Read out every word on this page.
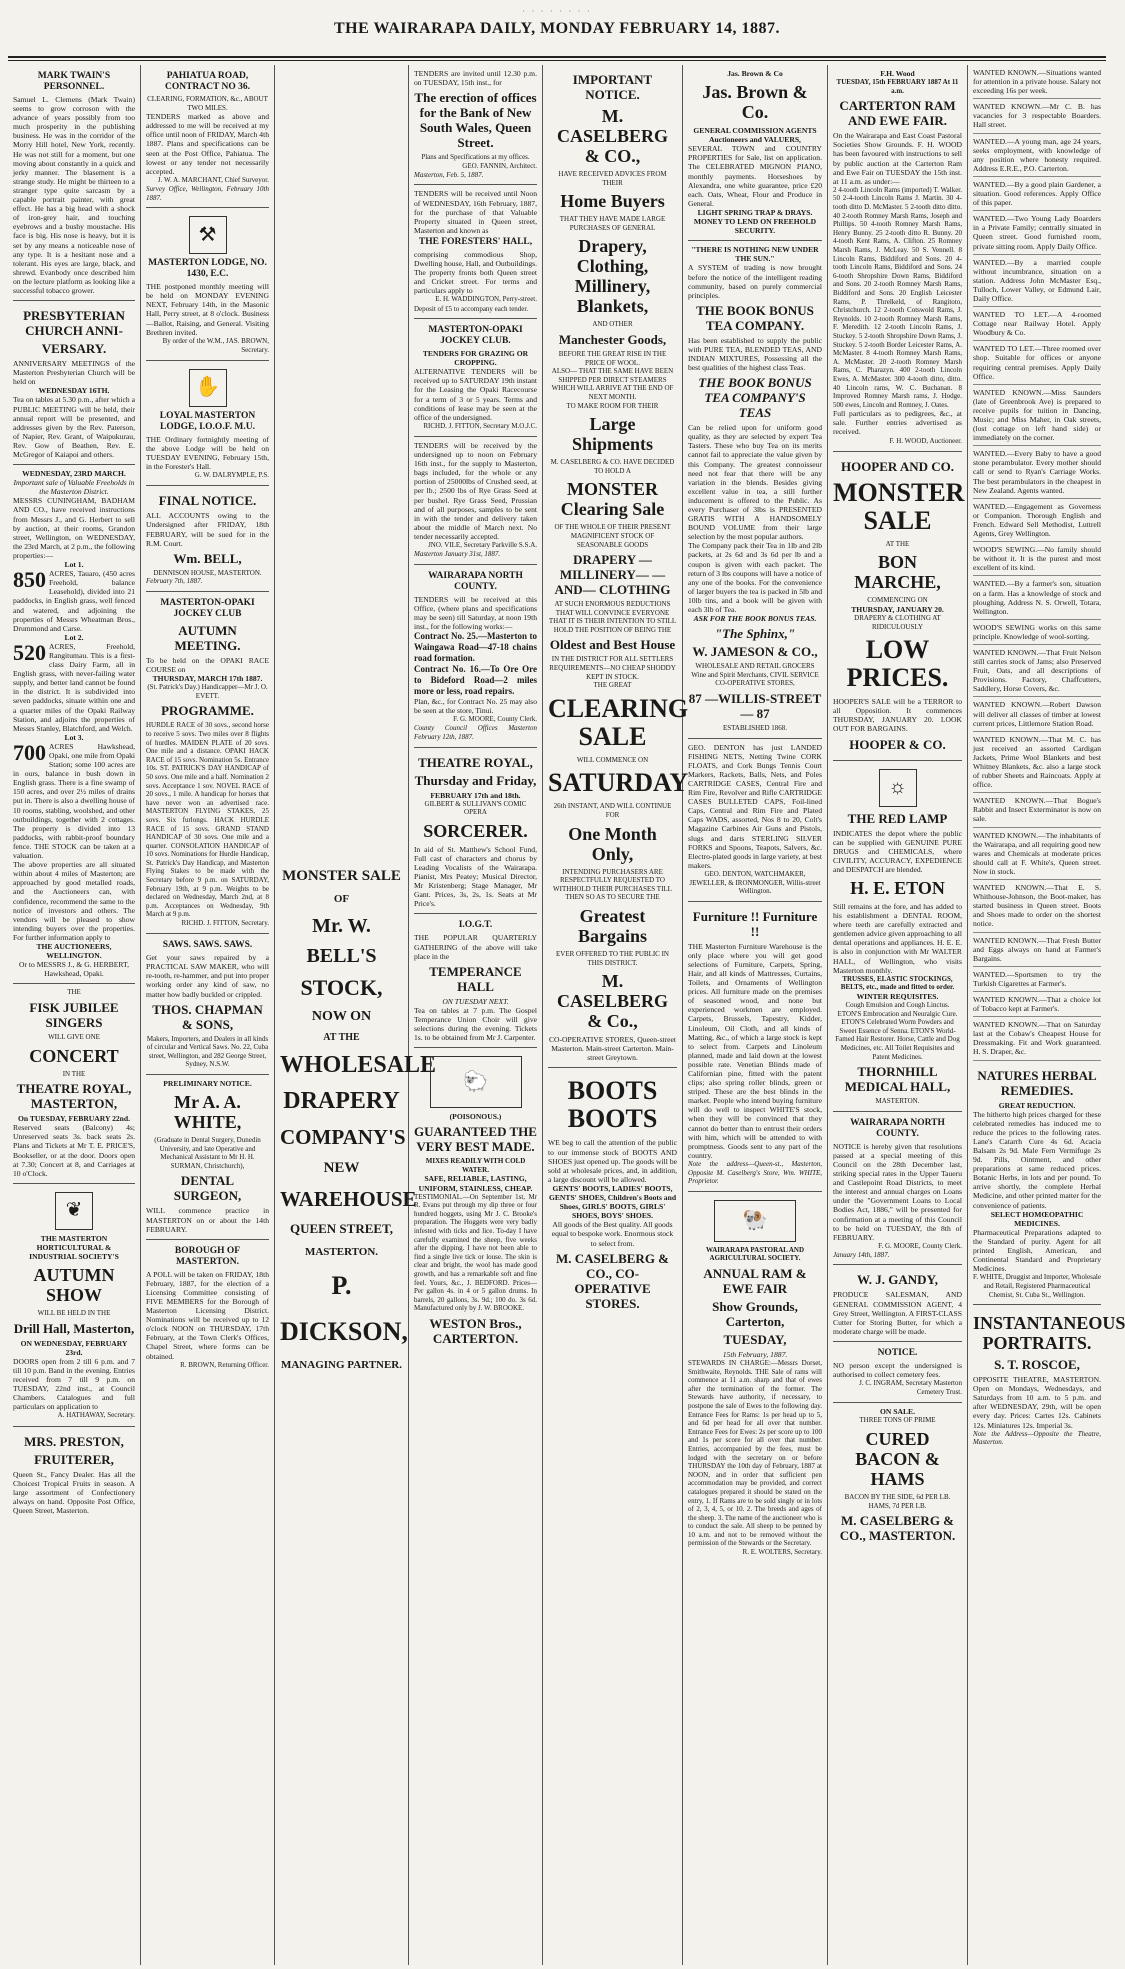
· · · · · · · ·
THE WAIRARAPA DAILY, MONDAY FEBRUARY 14, 1887.
MARK TWAIN'S PERSONNEL.
Samuel L. Clemens (Mark Twain) seems to grow corroson with the advance of years possibly from too much prosperity in the publishing business. He was in the corridor of the Morry Hill hotel, New York, recently. He was not still for a moment, but one moving about constantly in a quick and jerky manner. The blasement is a strange study. He might be thirteen to a stranger type quite sarcasm by a capable portrait painter, with great effect. He has a big head with a shock of iron-grey hair, and touching eyebrows and a bushy moustache. His face is big. His nose is heavy, but it is set by any means a noticeable nose of any type. It is a hesitant nose and a tolerant. His eyes are large, black, and shrewd. Evanbody once described him on the lecture platform as looking like a successful tobacco grower.
PRESBYTERIAN CHURCH ANNI-
VERSARY.
ANNIVERSARY MEETINGS of the Masterton Presbyterian Church will be held on
WEDNESDAY 16TH.
Tea on tables at 5.30 p.m., after which a PUBLIC MEETING will be held, their annual report will be presented, and addresses given by the Rev. Paterson, of Napier, Rev. Grant, of Waipukurau, Rev. Gow of Beathen, Rev. E. McGregor of Kaiapoi and others.
WEDNESDAY, 23RD MARCH.
Important sale of Valuable Freeholds in the Masterton District.
MESSRS CUNINGHAM, BADHAM AND CO., have received instructions from Messrs J., and G. Herbert to sell by auction, at their rooms, Grandon street, Wellington, on WEDNESDAY, the 23rd March, at 2 p.m., the following properties:—
Lot 1.
850 ACRES, Tauaro, (450 acres Freehold, balance Leasehold), divided into 21 paddocks, in English grass, well fenced and watered, and adjoining the properties of Messrs Wheatman Bros., Drummond and Carse.
Lot 2.
520 ACRES, Freehold, Rangitumau. This is a first-class Dairy Farm, all in English grass, with never-failing water supply, and better land cannot be found in the district. It is subdivided into seven paddocks, situate within one and a quarter miles of the Opaki Railway Station, and adjoins the properties of Messrs Stanley, Blatchford, and Welch.
Lot 3.
700 ACRES Hawkshead, Opaki, one mile from Opaki Station; some 100 acres are in ours, balance in bush down in English grass. There is a fine swamp of 150 acres, and over 2½ miles of drains put in. There is also a dwelling house of 10 rooms, stabling, woolshed, and other outbuildings, together with 2 cottages. The property is divided into 13 paddocks, with rabbit-proof boundary fence. THE STOCK can be taken at a valuation.
The above properties are all situated within about 4 miles of Masterton; are approached by good metalled roads, and the Auctioneers can, with confidence, recommend the same to the notice of investors and others. The vendors will be pleased to show intending buyers over the properties. For further information apply to
THE AUCTIONEERS, WELLINGTON.
Or to MESSRS J., & G. HERBERT, Hawkshead, Opaki.
THE
FISK JUBILEE SINGERS
WILL GIVE ONE
CONCERT
IN THE
THEATRE ROYAL, MASTERTON,
On TUESDAY, FEBRUARY 22nd.
Reserved seats (Balcony) 4s; Unreserved seats 3s. back seats 2s. Plans and Tickets at Mr T. E. PRICE'S, Bookseller, or at the door. Doors open at 7.30; Concert at 8, and Carriages at 10 o'Clock.
❦
THE MASTERTON HORTICULTURAL & INDUSTRIAL SOCIETY'S
AUTUMN SHOW
WILL BE HELD IN THE
Drill Hall, Masterton,
ON WEDNESDAY, FEBRUARY 23rd.
DOORS open from 2 till 6 p.m. and 7 till 10 p.m. Band in the evening. Entries received from 7 till 9 p.m. on TUESDAY, 22nd inst., at Council Chambers. Catalogues and full particulars on application to
A. HATHAWAY, Secretary.
MRS. PRESTON,
FRUITERER,
Queen St., Fancy Dealer. Has all the Choicest Tropical Fruits in season. A large assortment of Confectionery always on hand. Opposite Post Office, Queen Street, Masterton.
PAHIATUA ROAD, CONTRACT NO 36.
CLEARING, FORMATION, &c., ABOUT TWO MILES.
TENDERS marked as above and addressed to me will be received at my office until noon of FRIDAY, March 4th 1887. Plans and specifications can be seen at the Post Office, Pahiatua. The lowest or any tender not necessarily accepted.
J. W. A. MARCHANT, Chief Surveyor.
Survey Office, Wellington, February 10th 1887.
⚒
MASTERTON LODGE, NO. 1430, E.C.
THE postponed monthly meeting will be held on MONDAY EVENING NEXT, February 14th, in the Masonic Hall, Perry street, at 8 o'clock. Business—Ballot, Raising, and General. Visiting Brethren invited.
By order of the W.M., JAS. BROWN, Secretary.
✋
LOYAL MASTERTON LODGE, I.O.O.F. M.U.
THE Ordinary fortnightly meeting of the above Lodge will be held on TUESDAY EVENING, February 15th, in the Forester's Hall.
G. W. DALRYMPLE, P.S.
FINAL NOTICE.
ALL ACCOUNTS owing to the Undersigned after FRIDAY, 18th FEBRUARY, will be sued for in the R.M. Court.
Wm. BELL,
DENNISON HOUSE, MASTERTON.
February 7th, 1887.
MASTERTON-OPAKI JOCKEY CLUB
AUTUMN MEETING.
To be held on the OPAKI RACE COURSE on
THURSDAY, MARCH 17th 1887.
(St. Patrick's Day.) Handicapper—Mr J. O. EVETT.
PROGRAMME.
HURDLE RACE of 30 sovs., second horse to receive 5 sovs. Two miles over 8 flights of hurdles. MAIDEN PLATE of 20 sovs. One mile and a distance. OPAKI HACK RACE of 15 sovs. Nomination 5s. Entrance 10s. ST. PATRICK'S DAY HANDICAP of 50 sovs. One mile and a half. Nomination 2 sovs. Acceptance 1 sov. NOVEL RACE of 20 sovs., 1 mile. A handicap for horses that have never won an advertised race. MASTERTON FLYING STAKES, 25 sovs. Six furlongs. HACK HURDLE RACE of 15 sovs. GRAND STAND HANDICAP of 30 sovs. One mile and a quarter. CONSOLATION HANDICAP of 10 sovs. Nominations for Hurdle Handicap, St. Patrick's Day Handicap, and Masterton Flying Stakes to be made with the Secretary before 9 p.m. on SATURDAY, February 19th, at 9 p.m. Weights to be declared on Wednesday, March 2nd, at 8 p.m. Acceptances on Wednesday, 9th March at 9 p.m.
RICHD. J. FITTON, Secretary.
SAWS. SAWS. SAWS.
Get your saws repaired by a PRACTICAL SAW MAKER, who will re-tooth, re-hammer, and put into proper working order any kind of saw, no matter how badly buckled or crippled.
THOS. CHAPMAN & SONS,
Makers, Importers, and Dealers in all kinds of circular and Vertical Saws. No. 22, Cuba street, Wellington, and 282 George Street, Sydney, N.S.W.
PRELIMINARY NOTICE.
Mr A. A. WHITE,
(Graduate in Dental Surgery, Dunedin University, and late Operative and Mechanical Assistant to Mr H. H. SURMAN, Christchurch),
DENTAL SURGEON,
WILL commence practice in MASTERTON on or about the 14th FEBRUARY.
BOROUGH OF MASTERTON.
A POLL will be taken on FRIDAY, 18th February, 1887, for the election of a Licensing Committee consisting of FIVE MEMBERS for the Borough of Masterton Licensing District. Nominations will be received up to 12 o'clock NOON on THURSDAY, 17th February, at the Town Clerk's Offices, Chapel Street, where forms can be obtained.
R. BROWN, Returning Officer.
MONSTER SALE
OF
Mr. W. BELL'S
STOCK,
NOW ON
AT THE
WHOLESALE
DRAPERY
COMPANY'S
NEW
WAREHOUSE
QUEEN STREET,
MASTERTON.
P. DICKSON,
MANAGING PARTNER.
TENDERS are invited until 12.30 p.m. on TUESDAY, 15th inst., for
The erection of offices for the Bank of New South Wales, Queen Street.
Plans and Specifications at my offices.
GEO. FANNIN, Architect.
Masterton, Feb. 5, 1887.
TENDERS will be received until Noon of WEDNESDAY, 16th February, 1887, for the purchase of that Valuable Property situated in Queen street, Masterton and known as
THE FORESTERS' HALL,
comprising commodious Shop, Dwelling house, Hall, and Outbuildings. The property fronts both Queen street and Cricket street. For terms and particulars apply to
E. H. WADDINGTON, Perry-street.
Deposit of £5 to accompany each tender.
MASTERTON-OPAKI JOCKEY CLUB.
TENDERS FOR GRAZING OR CROPPING.
ALTERNATIVE TENDERS will be received up to SATURDAY 19th instant for the Leasing the Opaki Racecourse for a term of 3 or 5 years. Terms and conditions of lease may be seen at the office of the undersigned.
RICHD. J. FITTON, Secretary M.O.J.C.
TENDERS will be received by the undersigned up to noon on February 16th inst., for the supply to Masterton, bags included, for the whole or any portion of 25000lbs of Crushed seed, at per lb.; 2500 lbs of Rye Grass Seed at per bushel. Rye Grass Seed, Prussian and of all purposes, samples to be sent in with the tender and delivery taken about the middle of March next. No tender necessarily accepted.
JNO. VILE, Secretary Parkville S.S.A.
Masterton January 31st, 1887.
WAIRARAPA NORTH COUNTY.
TENDERS will be received at this Office, (where plans and specifications may be seen) till Saturday, at noon 19th inst., for the following works:—
Contract No. 25.—Masterton to Waingawa Road—47-18 chains road formation.
Contract No. 16.—To Ore Ore to Bideford Road—2 miles more or less, road repairs.
Plan, &c., for Contract No. 25 may also be seen at the store, Tinui.
F. G. MOORE, County Clerk.
County Council Offices Masterton February 12th, 1887.
THEATRE ROYAL,
Thursday and Friday,
FEBRUARY 17th and 18th.
GILBERT & SULLIVAN'S COMIC OPERA
SORCERER.
In aid of St. Matthew's School Fund, Full cast of characters and chorus by Leading Vocalists of the Wairarapa. Pianist, Mrs Peatey; Musical Director, Mr Kristenberg; Stage Manager, Mr Gant. Prices, 3s, 2s, 1s. Seats at Mr Price's.
I.O.G.T.
THE POPULAR QUARTERLY GATHERING of the above will take place in the
TEMPERANCE HALL
ON TUESDAY NEXT.
Tea on tables at 7 p.m. The Gospel Temperance Union Choir will give selections during the evening. Tickets 1s. to be obtained from Mr J. Carpenter.
🐑
(POISONOUS.)
GUARANTEED THE VERY BEST MADE.
MIXES READILY WITH COLD WATER.
SAFE, RELIABLE, LASTING, UNIFORM, STAINLESS, CHEAP.
TESTIMONIAL.—On September 1st, Mr R. Evans put through my dip three or four hundred hoggets, using Mr J. C. Brooke's preparation. The Hoggets were very badly infested with ticks and lice. To-day I have carefully examined the sheep, five weeks after the dipping. I have not been able to find a single live tick or louse. The skin is clear and bright, the wool has made good growth, and has a remarkable soft and fine feel. Yours, &c., J. BEDFORD. Prices—Per gallon 4s. in 4 or 5 gallon drums. In barrels, 20 gallons, 3s. 9d.; 100 do. 3s 6d. Manufactured only by J. W. BROOKE.
WESTON Bros., CARTERTON.
IMPORTANT NOTICE.
M. CASELBERG & CO.,
HAVE RECEIVED ADVICES FROM THEIR
Home Buyers
THAT THEY HAVE MADE LARGE PURCHASES OF GENERAL
Drapery, Clothing, Millinery, Blankets,
AND OTHER
Manchester Goods,
BEFORE THE GREAT RISE IN THE PRICE OF WOOL.
ALSO— THAT THE SAME HAVE BEEN SHIPPED PER DIRECT STEAMERS WHICH WILL ARRIVE AT THE END OF NEXT MONTH.
TO MAKE ROOM FOR THEIR
Large Shipments
M. CASELBERG & CO. HAVE DECIDED TO HOLD A
MONSTER Clearing Sale
OF THE WHOLE OF THEIR PRESENT MAGNIFICENT STOCK OF SEASONABLE GOODS
DRAPERY —MILLINERY— —AND— CLOTHING
AT SUCH ENORMOUS REDUCTIONS THAT WILL CONVINCE EVERYONE THAT IT IS THEIR INTENTION TO STILL HOLD THE POSITION OF BEING THE
Oldest and Best House
IN THE DISTRICT FOR ALL SETTLERS REQUIREMENTS—NO CHEAP SHODDY KEPT IN STOCK.
THE GREAT
CLEARING SALE
WILL COMMENCE ON
SATURDAY
26th INSTANT, AND WILL CONTINUE FOR
One Month Only,
INTENDING PURCHASERS ARE RESPECTFULLY REQUESTED TO WITHHOLD THEIR PURCHASES TILL THEN SO AS TO SECURE THE
Greatest Bargains
EVER OFFERED TO THE PUBLIC IN THIS DISTRICT.
M. CASELBERG & Co.,
CO-OPERATIVE STORES, Queen-street Masterton. Main-street Carterton. Main-street Greytown.
BOOTS BOOTS
WE beg to call the attention of the public to our immense stock of BOOTS AND SHOES just opened up. The goods will be sold at wholesale prices, and, in addition, a large discount will be allowed.
GENTS' BOOTS, LADIES' BOOTS, GENTS' SHOES, Children's Boots and Shoes, GIRLS' BOOTS, GIRLS' SHOES, BOYS' SHOES.
All goods of the Best quality. All goods equal to bespoke work. Enormous stock to select from.
M. CASELBERG & CO., CO-OPERATIVE STORES.
Jas. Brown & Co
Jas. Brown & Co.
GENERAL COMMISSION AGENTS Auctioneers and VALUERS,
SEVERAL TOWN and COUNTRY PROPERTIES for Sale, list on application. The CELEBRATED MIGNON PIANO, monthly payments. Horseshoes by Alexandra, one white guarantee, price £20 each. Oats, Wheat, Flour and Produce in General.
LIGHT SPRING TRAP & DRAYS.
MONEY TO LEND ON FREEHOLD SECURITY.
"THERE IS NOTHING NEW UNDER THE SUN."
A SYSTEM of trading is now brought before the notice of the intelligent reading community, based on purely commercial principles.
THE BOOK BONUS TEA COMPANY.
Has been established to supply the public with PURE TEA, BLENDED TEAS, AND INDIAN MIXTURES, Possessing all the best qualities of the highest class Teas.
THE BOOK BONUS TEA COMPANY'S TEAS
Can be relied upon for uniform good quality, as they are selected by expert Tea Tasters. These who buy Tea on its merits cannot fail to appreciate the value given by this Company. The greatest connoisseur need not fear that there will be any variation in the blends. Besides giving excellent value in tea, a still further inducement is offered to the Public. As every Purchaser of 3lbs is PRESENTED GRATIS WITH A HANDSOMELY BOUND VOLUME from their large selection by the most popular authors.
The Company pack their Tea in 1lb and 2lb packets, at 2s 6d and 3s 6d per lb and a coupon is given with each packet. The return of 3 lbs coupons will have a notice of any one of the books. For the convenience of larger buyers the tea is packed in 5lb and 10lb tins, and a book will be given with each 3lb of Tea.
ASK FOR THE BOOK BONUS TEAS.
"The Sphinx,"
W. JAMESON & CO.,
WHOLESALE AND RETAIL GROCERS Wine and Spirit Merchants, CIVIL SERVICE CO-OPERATIVE STORES,
87 —WILLIS-STREET— 87
ESTABLISHED 1868.
GEO. DENTON has just LANDED FISHING NETS, Netting Twine CORK FLOATS, and Cork Bungs Tennis Court Markers, Rackets, Balls, Nets, and Poles CARTRIDGE CASES, Central Fire and Rim Fire, Revolver and Rifle CARTRIDGE CASES BULLETED CAPS, Foil-lined Caps, Central and Rim Fire and Plated Caps WADS, assorted, Nos 8 to 20, Colt's Magazine Carbines Air Guns and Pistols, slugs and darts STERLING SILVER FORKS and Spoons, Teapots, Salvers, &c. Electro-plated goods in large variety, at best makers.
GEO. DENTON, WATCHMAKER, JEWELLER, & IRONMONGER, Willis-street Wellington.
Furniture !! Furniture !!
THE Masterton Furniture Warehouse is the only place where you will get good selections of Furniture, Carpets, Spring, Hair, and all kinds of Mattresses, Curtains, Toilets, and Ornaments of Wellington prices. All furniture made on the premises of seasoned wood, and none but experienced workmen are employed. Carpets, Brussels, Tapestry, Kidder, Linoleum, Oil Cloth, and all kinds of Matting, &c., of which a large stock is kept to select from. Carpets and Linoleum planned, made and laid down at the lowest possible rate. Venetian Blinds made of Californian pine, fitted with the patent clips; also spring roller blinds, green or striped. These are the best blinds in the market. People who intend buying furniture will do well to inspect WHITE'S stock, when they will be convinced that they cannot do better than to entrust their orders with him, which will be attended to with promptness. Goods sent to any part of the country.
Note the address—Queen-st., Masterton, Opposite M. Caselberg's Store, Wm. WHITE, Proprietor.
🐏
WAIRARAPA PASTORAL AND AGRICULTURAL SOCIETY.
ANNUAL RAM & EWE FAIR
Show Grounds, Carterton,
TUESDAY,
15th February, 1887.
STEWARDS IN CHARGE:—Messrs Dorset, Smithwaite, Reynolds. THE Sale of rams will commence at 11 a.m. sharp and that of ewes after the termination of the former. The Stewards have authority, if necessary, to postpone the sale of Ewes to the following day. Entrance Fees for Rams: 1s per head up to 5, and 6d per head for all over that number. Entrance Fees for Ewes: 2s per score up to 100 and 1s per score for all over that number. Entries, accompanied by the fees, must be lodged with the secretary on or before THURSDAY the 10th day of February, 1887 at NOON, and in order that sufficient pen accommodation may be provided, and correct catalogues prepared it should be stated on the entry, 1. If Rams are to be sold singly or in lots of 2, 3, 4, 5, or 10. 2. The breeds and ages of the sheep. 3. The name of the auctioneer who is to conduct the sale. All sheep to be penned by 10 a.m. and not to be removed without the permission of the Stewards or the Secretary.
R. E. WOLTERS, Secretary.
F.H. Wood
TUESDAY, 15th FEBRUARY 1887 At 11 a.m.
CARTERTON RAM AND EWE FAIR.
On the Wairarapa and East Coast Pastoral Societies Show Grounds. F. H. WOOD has been favoured with instructions to sell by public auction at the Carterton Ram and Ewe Fair on TUESDAY the 15th inst. at 11 a.m. as under:—
2 4-tooth Lincoln Rams (imported) T. Walker. 50 2-4-tooth Lincoln Rams J. Martin. 30 4-tooth ditto D. McMaster. 5 2-tooth ditto ditto. 40 2-tooth Romney Marsh Rams, Joseph and Phillips. 50 4-tooth Romney Marsh Rams, Henry Bunny. 25 2-tooth ditto R. Bunny. 20 4-tooth Kent Rams, A. Clifton. 25 Romney Marsh Rams, J. McLeay. 50 S. Vennell. 8 Lincoln Rams, Biddiford and Sons. 20 4-tooth Lincoln Rams, Biddiford and Sons. 24 6-tooth Shropshire Down Rams, Biddiford and Sons. 20 2-tooth Romney Marsh Rams, Biddiford and Sons. 20 English Leicester Rams, P. Threlkeld, of Rangitoto, Christchurch. 12 2-tooth Cotswold Rams, J. Reynolds. 10 2-tooth Romney Marsh Rams, F. Meredith. 12 2-tooth Lincoln Rams, J. Stuckey. 5 2-tooth Shropshire Down Rams, J. Stuckey. 5 2-tooth Border Leicester Rams, A. McMaster. 8 4-tooth Romney Marsh Rams, A. McMaster. 20 2-tooth Romney Marsh Rams, C. Pharazyn. 400 2-tooth Lincoln Ewes, A. McMaster. 300 4-tooth ditto, ditto. 40 Lincoln rams, W. C. Buchanan. 8 Improved Romney Marsh rams, J. Hodge. 500 ewes, Lincoln and Romney, J. Oates.
Full particulars as to pedigrees, &c., at sale. Further entries advertised as received.
F. H. WOOD, Auctioneer.
HOOPER AND CO.
MONSTER SALE
AT THE
BON MARCHE,
COMMENCING ON
THURSDAY, JANUARY 20.
DRAPERY & CLOTHING AT RIDICULOUSLY
LOW PRICES.
HOOPER'S SALE will be a TERROR to all Opposition. It commences THURSDAY, JANUARY 20. LOOK OUT FOR BARGAINS.
HOOPER & CO.
☼
THE RED LAMP
INDICATES the depot where the public can be supplied with GENUINE PURE DRUGS and CHEMICALS, where CIVILITY, ACCURACY, EXPEDIENCE and DESPATCH are blended.
H. E. ETON
Still remains at the fore, and has added to his establishment a DENTAL ROOM, where teeth are carefully extracted and gentlemen advice given approaching to all dental operations and appliances. H. E. E. is also in conjunction with Mr WALTER HALL, of Wellington, who visits Masterton monthly.
TRUSSES, ELASTIC STOCKINGS, BELTS, etc., made and fitted to order.
WINTER REQUISITES.
Cough Emulsion and Cough Linctus. ETON'S Embrocation and Neuralgic Cure. ETON'S Celebrated Worm Powders and Sweet Essence of Senna. ETON'S World-Famed Hair Restorer. Horse, Cattle and Dog Medicines, etc. All Toilet Requisites and Patent Medicines.
THORNHILL MEDICAL HALL,
MASTERTON.
WAIRARAPA NORTH COUNTY.
NOTICE is hereby given that resolutions passed at a special meeting of this Council on the 28th December last, striking special rates in the Upper Taueru and Castlepoint Road Districts, to meet the interest and annual charges on Loans under the "Government Loans to Local Bodies Act, 1886," will be presented for confirmation at a meeting of this Council to be held on TUESDAY, the 8th of FEBRUARY.
F. G. MOORE, County Clerk.
January 14th, 1887.
W. J. GANDY,
PRODUCE SALESMAN, AND GENERAL COMMISSION AGENT, 4 Grey Street, Wellington. A FIRST-CLASS Cutter for Storing Butter, for which a moderate charge will be made.
NOTICE.
NO person except the undersigned is authorised to collect cemetery fees.
J. C. INGRAM, Secretary Masterton Cemetery Trust.
ON SALE.
THREE TONS OF PRIME
CURED BACON & HAMS
BACON BY THE SIDE, 6d PER LB. HAMS, 7d PER LB.
M. CASELBERG & CO., MASTERTON.
WANTED KNOWN.—Situations wanted for attention in a private house. Salary not exceeding 16s per week.
WANTED KNOWN.—Mr C. B. has vacancies for 3 respectable Boarders. Hall street.
WANTED.—A young man, age 24 years, seeks employment, with knowledge of any position where honesty required. Address E.R.E., P.O. Carterton.
WANTED.—By a good plain Gardener, a situation. Good references. Apply Office of this paper.
WANTED.—Two Young Lady Boarders in a Private Family; centrally situated in Queen street. Good furnished room, private sitting room. Apply Daily Office.
WANTED.—By a married couple without incumbrance, situation on a station. Address John McMaster Esq., Tulloch, Lower Valley, or Edmund Lair, Daily Office.
WANTED TO LET.—A 4-roomed Cottage near Railway Hotel. Apply Woodbury & Co.
WANTED TO LET.—Three roomed over shop. Suitable for offices or anyone requiring central premises. Apply Daily Office.
WANTED KNOWN.—Miss Saunders (late of Greenbrook Ave) is prepared to receive pupils for tuition in Dancing, Music; and Miss Maher, in Oak streets, (lost cottage on left hand side) or immediately on the corner.
WANTED.—Every Baby to have a good stone perambulator. Every mother should call or send to Ryan's Carriage Works. The best perambulators in the cheapest in New Zealand. Agents wanted.
WANTED.—Engagement as Governess or Companion. Thorough English and French. Edward Sell Methodist, Luttrell Agents, Grey Wellington.
WOOD'S SEWING.—No family should be without it. It is the purest and most excellent of its kind.
WANTED.—By a farmer's son, situation on a farm. Has a knowledge of stock and ploughing. Address N. S. Orwell, Totara, Wellington.
WOOD'S SEWING works on this same principle. Knowledge of wool-sorting.
WANTED KNOWN.—That Fruit Nelson still carries stock of Jams; also Preserved Fruit, Oats, and all descriptions of Provisions. Factory, Chaffcutters, Saddlery, Horse Covers, &c.
WANTED KNOWN.—Robert Dawson will deliver all classes of timber at lowest current prices, Littlemore Station Road.
WANTED KNOWN.—That M. C. has just received an assorted Cardigan Jackets, Prime Wool Blankets and best Whitney Blankets, &c. also a large stock of rubber Sheets and Raincoats. Apply at office.
WANTED KNOWN.—That Bogue's Rabbit and Insect Exterminator is now on sale.
WANTED KNOWN.—The inhabitants of the Wairarapa, and all requiring good new wares and Chemicals at moderate prices should call at F. White's, Queen street. Now in stock.
WANTED KNOWN.—That E. S. Whithouse-Johnson, the Boot-maker, has started business in Queen street. Boots and Shoes made to order on the shortest notice.
WANTED KNOWN.—That Fresh Butter and Eggs always on hand at Farmer's Bargains.
WANTED.—Sportsmen to try the Turkish Cigarettes at Farmer's.
WANTED KNOWN.—That a choice lot of Tobacco kept at Farmer's.
WANTED KNOWN.—That on Saturday last at the Cobaw's Cheapest House for Dressmaking. Fit and Work guaranteed. H. S. Draper, &c.
NATURES HERBAL REMEDIES.
GREAT REDUCTION.
The hitherto high prices charged for these celebrated remedies has induced me to reduce the prices to the following rates. Lane's Catarrh Cure 4s 6d. Acacia Balsam 2s 9d. Male Fern Vermifuge 2s 9d. Pills, Ointment, and other preparations at same reduced prices. Botanic Herbs, in lots and per pound. To arrive shortly, the complete Herbal Medicine, and other printed matter for the convenience of patients.
SELECT HOMŒOPATHIC MEDICINES.
Pharmaceutical Preparations adapted to the Standard of purity. Agent for all printed English, American, and Continental Standard and Proprietary Medicines.
F. WHITE, Druggist and Importer, Wholesale and Retail, Registered Pharmaceutical Chemist, St. Cuba St., Wellington.
INSTANTANEOUS PORTRAITS.
S. T. ROSCOE,
OPPOSITE THEATRE, MASTERTON. Open on Mondays, Wednesdays, and Saturdays from 10 a.m. to 5 p.m. and after WEDNESDAY, 29th, will be open every day. Prices: Cartes 12s. Cabinets 12s. Miniatures 12s. Imperial 3s.
Note the Address—Opposite the Theatre, Masterton.
